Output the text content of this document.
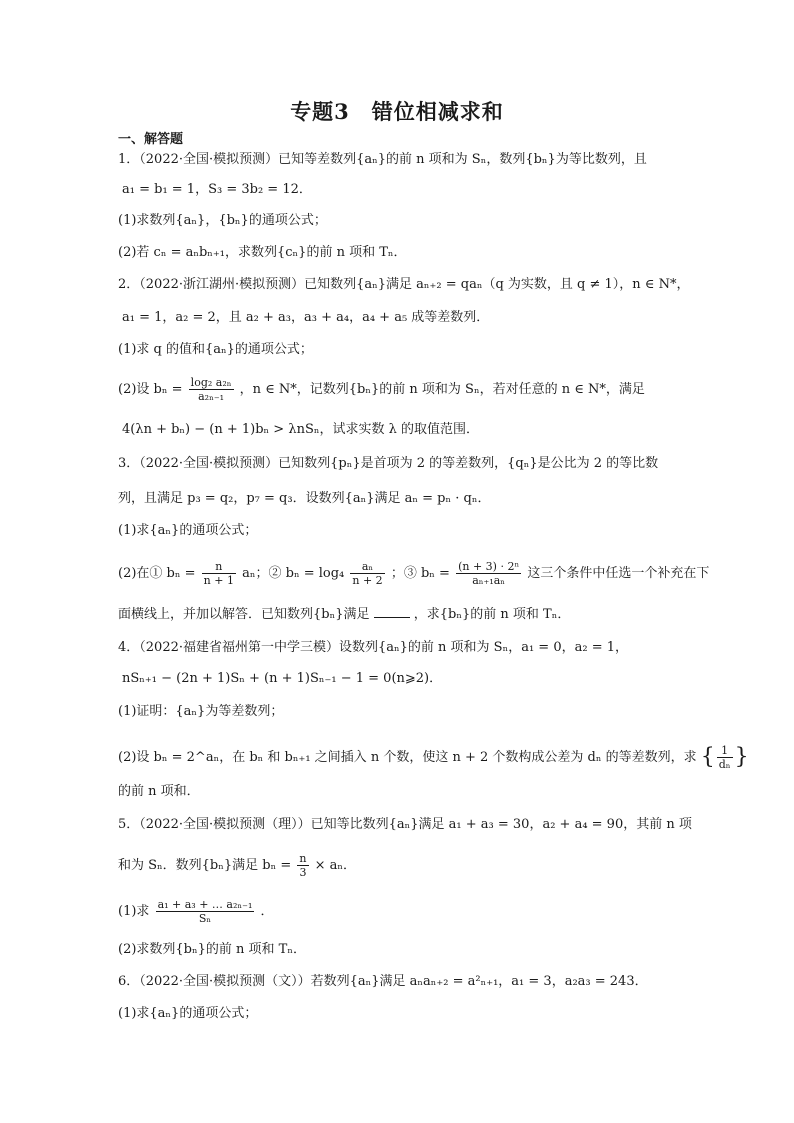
专题3　错位相减求和
一、解答题
1．（2022·全国·模拟预测）已知等差数列{aₙ}的前 n 项和为 Sₙ，数列{bₙ}为等比数列，且
a₁ = b₁ = 1，S₃ = 3b₂ = 12．
(1)求数列{aₙ}，{bₙ}的通项公式；
(2)若 cₙ = aₙbₙ₊₁，求数列{cₙ}的前 n 项和 Tₙ．
2．（2022·浙江湖州·模拟预测）已知数列{aₙ}满足 aₙ₊₂ = qaₙ（q 为实数，且 q ≠ 1），n ∈ N*，
a₁ = 1，a₂ = 2，且 a₂ + a₃，a₃ + a₄，a₄ + a₅ 成等差数列．
(1)求 q 的值和{aₙ}的通项公式；
(2)设 $b_n = \frac{\text{log₂ a₂ₙ}}{\text{a₂ₙ₋₁}}$ ，n ∈ N*，记数列{bₙ}的前 n 项和为 Sₙ，若对任意的 n ∈ N*，满足
4(λn + bₙ) − (n + 1)bₙ > λnSₙ，试求实数 λ 的取值范围．
3．（2022·全国·模拟预测）已知数列{pₙ}是首项为 2 的等差数列，{qₙ}是公比为 2 的等比数
列，且满足 p₃ = q₂，p₇ = q₃．设数列{aₙ}满足 aₙ = pₙ · qₙ．
(1)求{aₙ}的通项公式；
(2)在① $b_n = \frac{n}{n + 1}$ aₙ；② $b_n = \log_4 \frac{\text{aₙ}}{n + 2}$ ；③ $b_n = \frac{\text{(n + 3) · 2ⁿ}}{\text{aₙ₊₁aₙ}}$ 这三个条件中任选一个补充在下
面横线上，并加以解答．已知数列{bₙ}满足	，求{bₙ}的前 n 项和 Tₙ．
4．（2022·福建省福州第一中学三模）设数列{aₙ}的前 n 项和为 Sₙ，a₁ = 0，a₂ = 1，
nSₙ₊₁ − (2n + 1)Sₙ + (n + 1)Sₙ₋₁ − 1 = 0(n⩾2)．
(1)证明：{aₙ}为等差数列；
(2)设 bₙ = 2^aₙ，在 bₙ 和 bₙ₊₁ 之间插入 n 个数，使这 n + 2 个数构成公差为 dₙ 的等差数列，求 { $\frac{1}{\text{dₙ}}$ }
的前 n 项和．
5．（2022·全国·模拟预测（理））已知等比数列{aₙ}满足 a₁ + a₃ = 30，a₂ + a₄ = 90，其前 n 项
和为 Sₙ．数列{bₙ}满足 $b_n = \frac{n}{3} \times a_n$．
(1)求 $\frac{\text{a₁ + a₃ + … a₂ₙ₋₁}}{\text{Sₙ}}$ ．
(2)求数列{bₙ}的前 n 项和 Tₙ．
6．（2022·全国·模拟预测（文））若数列{aₙ}满足 aₙaₙ₊₂ = a²ₙ₊₁，a₁ = 3，a₂a₃ = 243．
(1)求{aₙ}的通项公式；
